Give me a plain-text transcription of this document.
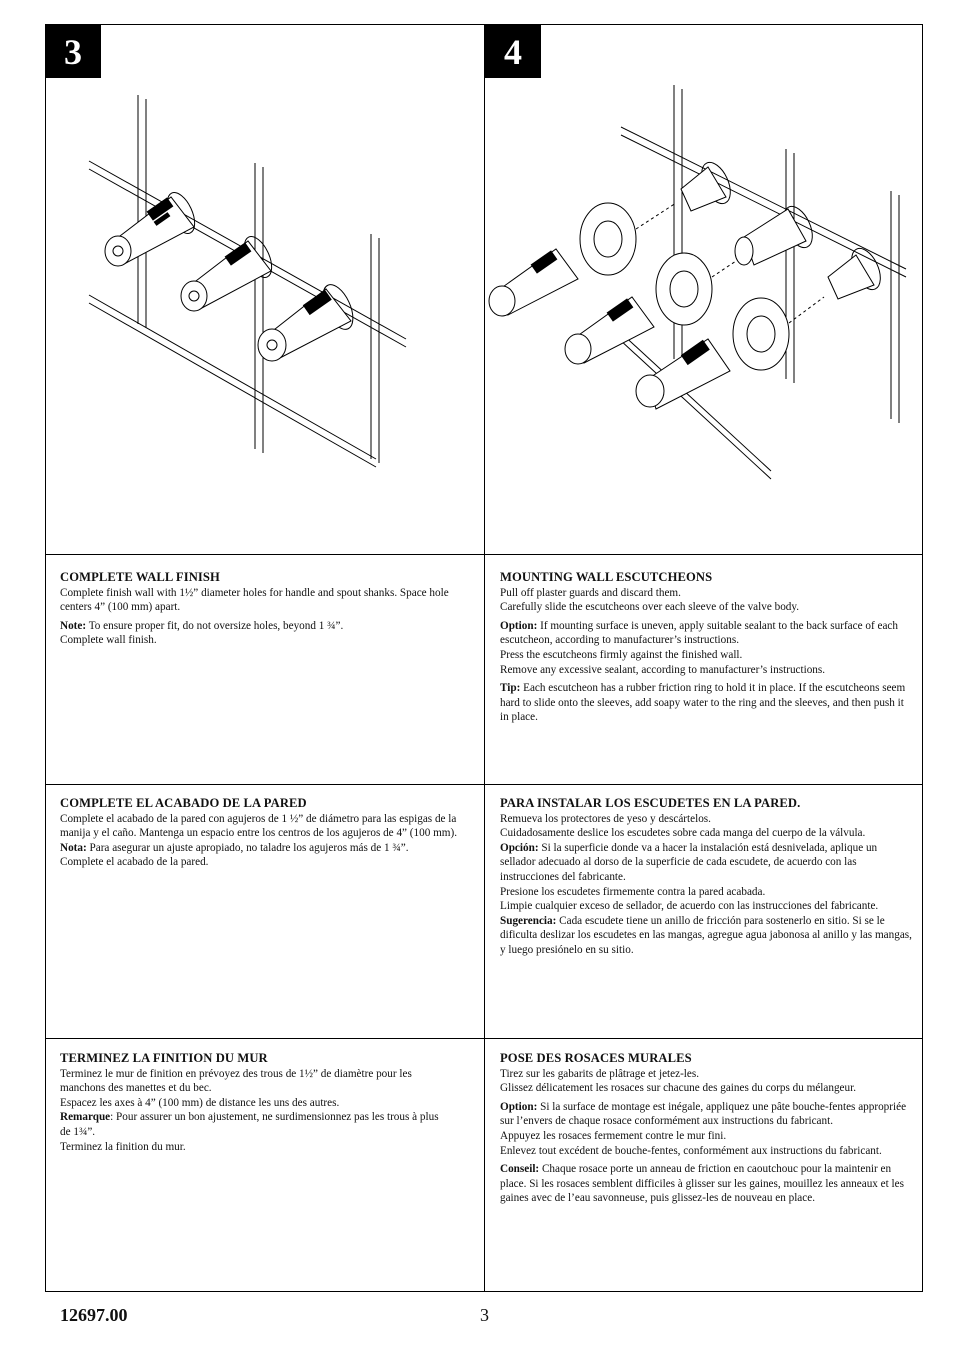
3	4
COMPLETE WALL FINISH

Complete finish wall with 1½” diameter holes for handle and spout shanks. Space hole centers 4” (100 mm) apart.

Note: To ensure proper fit, do not oversize holes, beyond 1 ¾”.
Complete wall finish.

MOUNTING WALL ESCUTCHEONS

Pull off plaster guards and discard them.
Carefully slide the escutcheons over each sleeve of the valve body.

Option: If mounting surface is uneven, apply suitable sealant to the back surface of each escutcheon, according to manufacturer’s instructions.
Press the escutcheons firmly against the finished wall.
Remove any excessive sealant, according to manufacturer’s instructions.

Tip: Each escutcheon has a rubber friction ring to hold it in place. If the escutcheons seem hard to slide onto the sleeves, add soapy water to the ring and the sleeves, and then push it in place.

COMPLETE EL ACABADO DE LA PARED

Complete el acabado de la pared con agujeros de 1 ½” de diámetro para las espigas de la manija y el caño. Mantenga un espacio entre los centros de los agujeros de 4” (100 mm).
Nota: Para asegurar un ajuste apropiado, no taladre los agujeros más de 1 ¾”.
Complete el acabado de la pared.

PARA INSTALAR LOS ESCUDETES EN LA PARED.

Remueva los protectores de yeso y descártelos.
Cuidadosamente deslice los escudetes sobre cada manga del cuerpo de la válvula.
Opción: Si la superficie donde va a hacer la instalación está desnivelada, aplique un sellador adecuado al dorso de la superficie de cada escudete, de acuerdo con las instrucciones del fabricante.
Presione los escudetes firmemente contra la pared acabada.
Limpie cualquier exceso de sellador, de acuerdo con las instrucciones del fabricante.
Sugerencia: Cada escudete tiene un anillo de fricción para sostenerlo en sitio. Si se le dificulta deslizar los escudetes en las mangas, agregue agua jabonosa al anillo y las mangas, y luego presiónelo en su sitio.

TERMINEZ LA FINITION DU MUR

Terminez le mur de finition en prévoyez des trous de 1½” de diamètre pour les manchons des manettes et du bec.
Espacez les axes à 4” (100 mm) de distance les uns des autres.
Remarque: Pour assurer un bon ajustement, ne surdimensionnez pas les trous à plus de 1¾”.
Terminez la finition du mur.

POSE DES ROSACES MURALES

Tirez sur les gabarits de plâtrage et jetez-les.
Glissez délicatement les rosaces sur chacune des gaines du corps du mélangeur.

Option: Si la surface de montage est inégale, appliquez une pâte bouche-fentes appropriée sur l’envers de chaque rosace conformément aux instructions du fabricant.
Appuyez les rosaces fermement contre le mur fini.
Enlevez tout excédent de bouche-fentes, conformément aux instructions du fabricant.

Conseil: Chaque rosace porte un anneau de friction en caoutchouc pour la maintenir en place. Si les rosaces semblent difficiles à glisser sur les gaines, mouillez les anneaux et les gaines avec de l’eau savonneuse, puis glissez-les de nouveau en place.

12697.00	3
